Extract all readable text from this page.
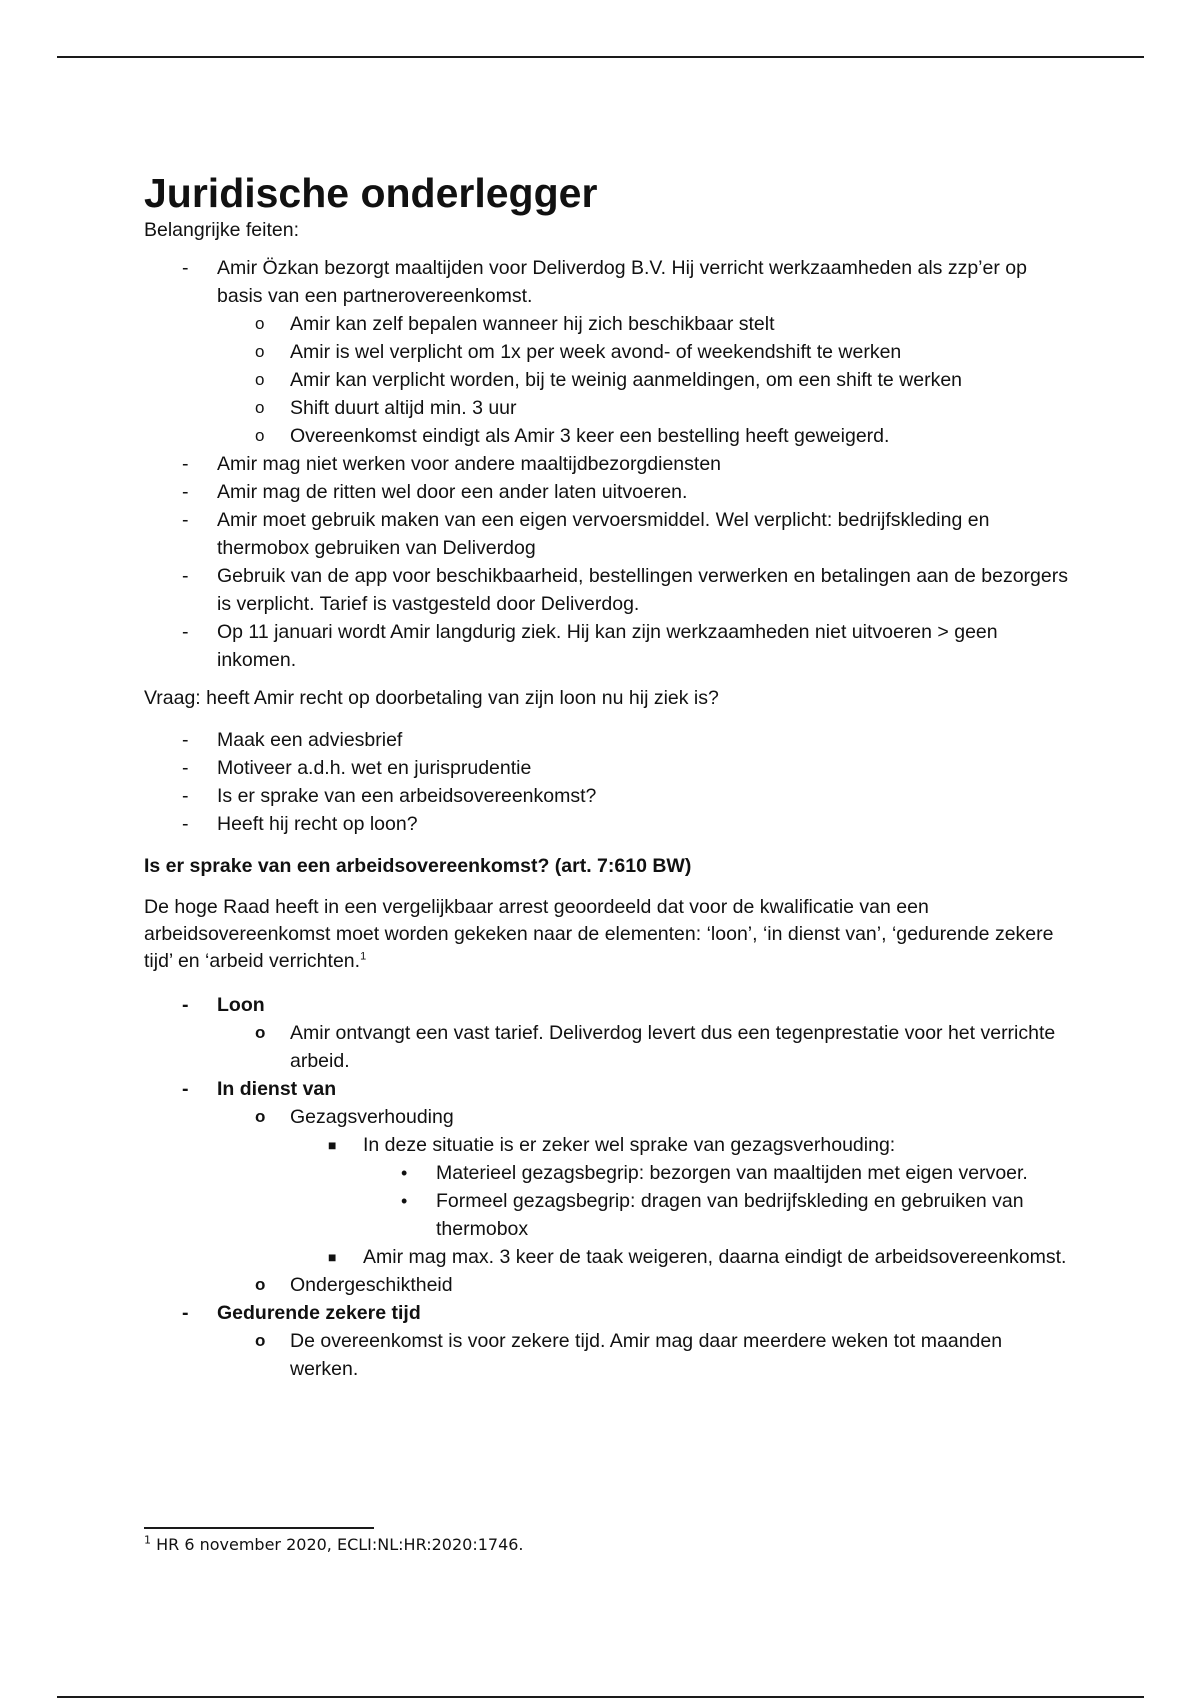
Juridische onderlegger

Belangrijke feiten:

-	Amir Özkan bezorgt maaltijden voor Deliverdog B.V. Hij verricht werkzaamheden als zzp’er op basis van een partnerovereenkomst.
o	Amir kan zelf bepalen wanneer hij zich beschikbaar stelt
o	Amir is wel verplicht om 1x per week avond- of weekendshift te werken
o	Amir kan verplicht worden, bij te weinig aanmeldingen, om een shift te werken
o	Shift duurt altijd min. 3 uur
o	Overeenkomst eindigt als Amir 3 keer een bestelling heeft geweigerd.
-	Amir mag niet werken voor andere maaltijdbezorgdiensten
-	Amir mag de ritten wel door een ander laten uitvoeren.
-	Amir moet gebruik maken van een eigen vervoersmiddel. Wel verplicht: bedrijfskleding en thermobox gebruiken van Deliverdog
-	Gebruik van de app voor beschikbaarheid, bestellingen verwerken en betalingen aan de bezorgers is verplicht. Tarief is vastgesteld door Deliverdog.
-	Op 11 januari wordt Amir langdurig ziek. Hij kan zijn werkzaamheden niet uitvoeren > geen inkomen.

Vraag: heeft Amir recht op doorbetaling van zijn loon nu hij ziek is?

-	Maak een adviesbrief
-	Motiveer a.d.h. wet en jurisprudentie
-	Is er sprake van een arbeidsovereenkomst?
-	Heeft hij recht op loon?

Is er sprake van een arbeidsovereenkomst? (art. 7:610 BW)

De hoge Raad heeft in een vergelijkbaar arrest geoordeeld dat voor de kwalificatie van een arbeidsovereenkomst moet worden gekeken naar de elementen: ‘loon’, ‘in dienst van’, ‘gedurende zekere tijd’ en ‘arbeid verrichten.$^1$

-	Loon
o	Amir ontvangt een vast tarief. Deliverdog levert dus een tegenprestatie voor het verrichte arbeid.
-	In dienst van
o	Gezagsverhouding
■	In deze situatie is er zeker wel sprake van gezagsverhouding:
•	Materieel gezagsbegrip: bezorgen van maaltijden met eigen vervoer.
•	Formeel gezagsbegrip: dragen van bedrijfskleding en gebruiken van thermobox
■	Amir mag max. 3 keer de taak weigeren, daarna eindigt de arbeidsovereenkomst.
o	Ondergeschiktheid
-	Gedurende zekere tijd
o	De overeenkomst is voor zekere tijd. Amir mag daar meerdere weken tot maanden werken.
$^1$ HR 6 november 2020, ECLI:NL:HR:2020:1746.
